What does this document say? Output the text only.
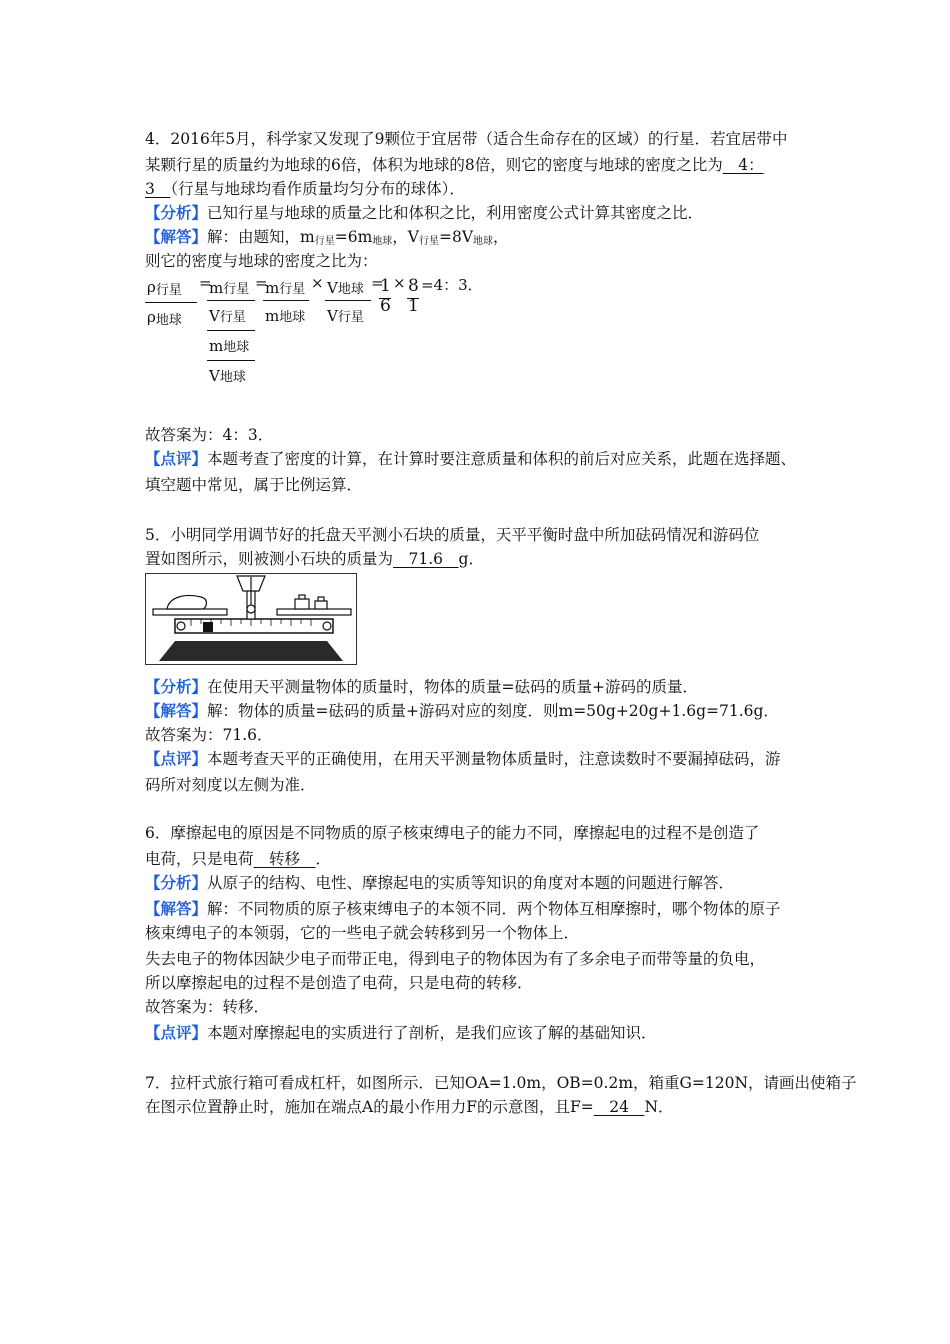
4．2016年5月，科学家又发现了9颗位于宜居带（适合生命存在的区域）的行星．若宜居带中
某颗行星的质量约为地球的6倍，体积为地球的8倍，则它的密度与地球的密度之比为　4：
3　（行星与地球均看作质量均匀分布的球体）．
【分析】已知行星与地球的质量之比和体积之比，利用密度公式计算其密度之比．
【解答】解：由题知，$m_{行星}=6m_{地球}$，$V_{行星}=8V_{地球}$，
则它的密度与地球的密度之比为：
$\rho_{行星}$
$\rho_{地球}$
=
m行星
V行星
m地球
V地球
=
m行星
m地球
× V地球
V行星
=
1
6
× 8
1
=4：3．
故答案为：4：3．
【点评】本题考查了密度的计算，在计算时要注意质量和体积的前后对应关系，此题在选择题、
填空题中常见，属于比例运算．
5．小明同学用调节好的托盘天平测小石块的质量，天平平衡时盘中所加砝码情况和游码位
置如图所示，则被测小石块的质量为　71.6　g．
【分析】在使用天平测量物体的质量时，物体的质量=砝码的质量+游码的质量．
【解答】解：物体的质量=砝码的质量+游码对应的刻度．则m=50g+20g+1.6g=71.6g．
故答案为：71.6．
【点评】本题考查天平的正确使用，在用天平测量物体质量时，注意读数时不要漏掉砝码，游
码所对刻度以左侧为准．
6．摩擦起电的原因是不同物质的原子核束缚电子的能力不同，摩擦起电的过程不是创造了
电荷，只是电荷　转移　．
【分析】从原子的结构、电性、摩擦起电的实质等知识的角度对本题的问题进行解答．
【解答】解：不同物质的原子核束缚电子的本领不同．两个物体互相摩擦时，哪个物体的原子
核束缚电子的本领弱，它的一些电子就会转移到另一个物体上．
失去电子的物体因缺少电子而带正电，得到电子的物体因为有了多余电子而带等量的负电，
所以摩擦起电的过程不是创造了电荷，只是电荷的转移．
故答案为：转移．
【点评】本题对摩擦起电的实质进行了剖析，是我们应该了解的基础知识．
7．拉杆式旅行箱可看成杠杆，如图所示．已知OA=1.0m，OB=0.2m，箱重G=120N，请画出使箱子
在图示位置静止时，施加在端点A的最小作用力F的示意图，且F=　24　N．
